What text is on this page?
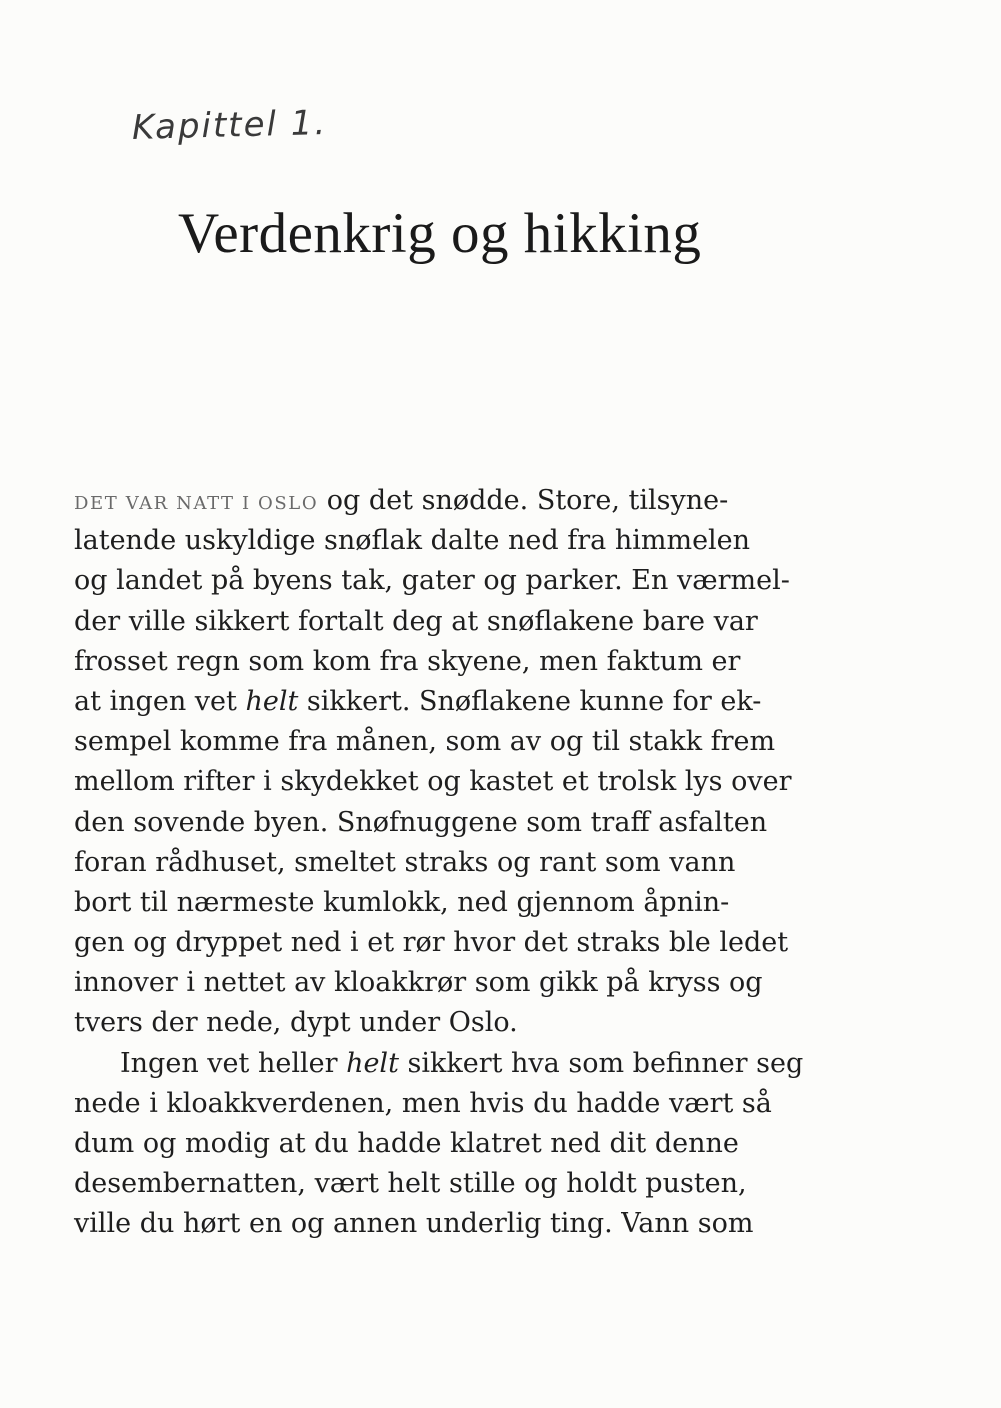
Kapittel 1.
Verdenkrig og hikking
DET VAR NATT I OSLO og det snødde. Store, tilsyne-
latende uskyldige snøflak dalte ned fra himmelen
og landet på byens tak, gater og parker. En værmel-
der ville sikkert fortalt deg at snøflakene bare var
frosset regn som kom fra skyene, men faktum er
at ingen vet helt sikkert. Snøflakene kunne for ek-
sempel komme fra månen, som av og til stakk frem
mellom rifter i skydekket og kastet et trolsk lys over
den sovende byen. Snøfnuggene som traff asfalten
foran rådhuset, smeltet straks og rant som vann
bort til nærmeste kumlokk, ned gjennom åpnin-
gen og dryppet ned i et rør hvor det straks ble ledet
innover i nettet av kloakkrør som gikk på kryss og
tvers der nede, dypt under Oslo.
Ingen vet heller helt sikkert hva som befinner seg
nede i kloakkverdenen, men hvis du hadde vært så
dum og modig at du hadde klatret ned dit denne
desembernatten, vært helt stille og holdt pusten,
ville du hørt en og annen underlig ting. Vann som
